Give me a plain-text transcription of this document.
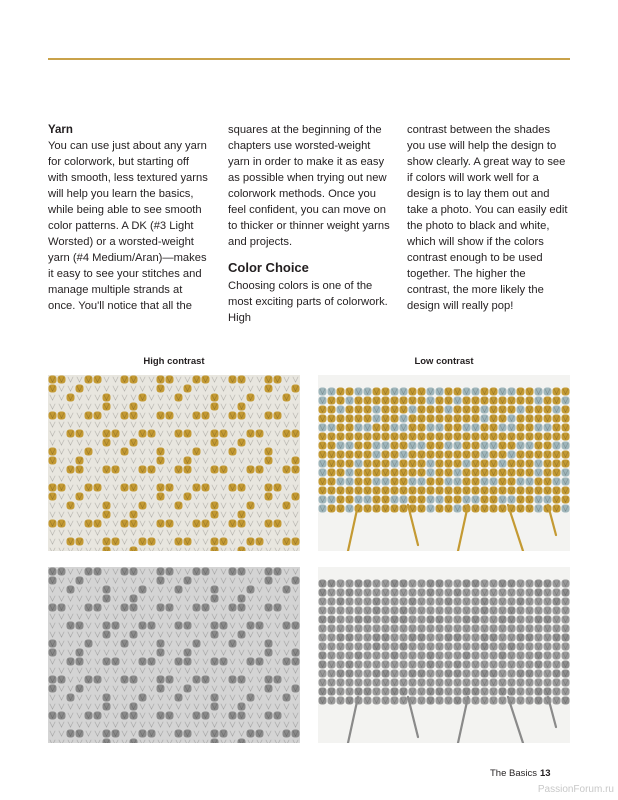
Yarn

You can use just about any yarn for colorwork, but starting off with smooth, less textured yarns will help you learn the basics, while being able to see smooth color patterns. A DK (#3 Light Worsted) or a worsted-weight yarn (#4 Medium/Aran)—makes it easy to see your stitches and manage multiple strands at once. You'll notice that all the

squares at the beginning of the chapters use worsted-weight yarn in order to make it as easy as possible when trying out new colorwork methods. Once you feel confident, you can move on to thicker or thinner weight yarns and projects.

Color Choice

Choosing colors is one of the most exciting parts of colorwork. High

contrast between the shades you use will help the design to show clearly. A great way to see if colors will work well for a design is to lay them out and take a photo. You can easily edit the photo to black and white, which will show if the colors contrast enough to be used together. The higher the contrast, the more likely the design will really pop!

High contrast	Low contrast
The Basics 13
PassionForum.ru
